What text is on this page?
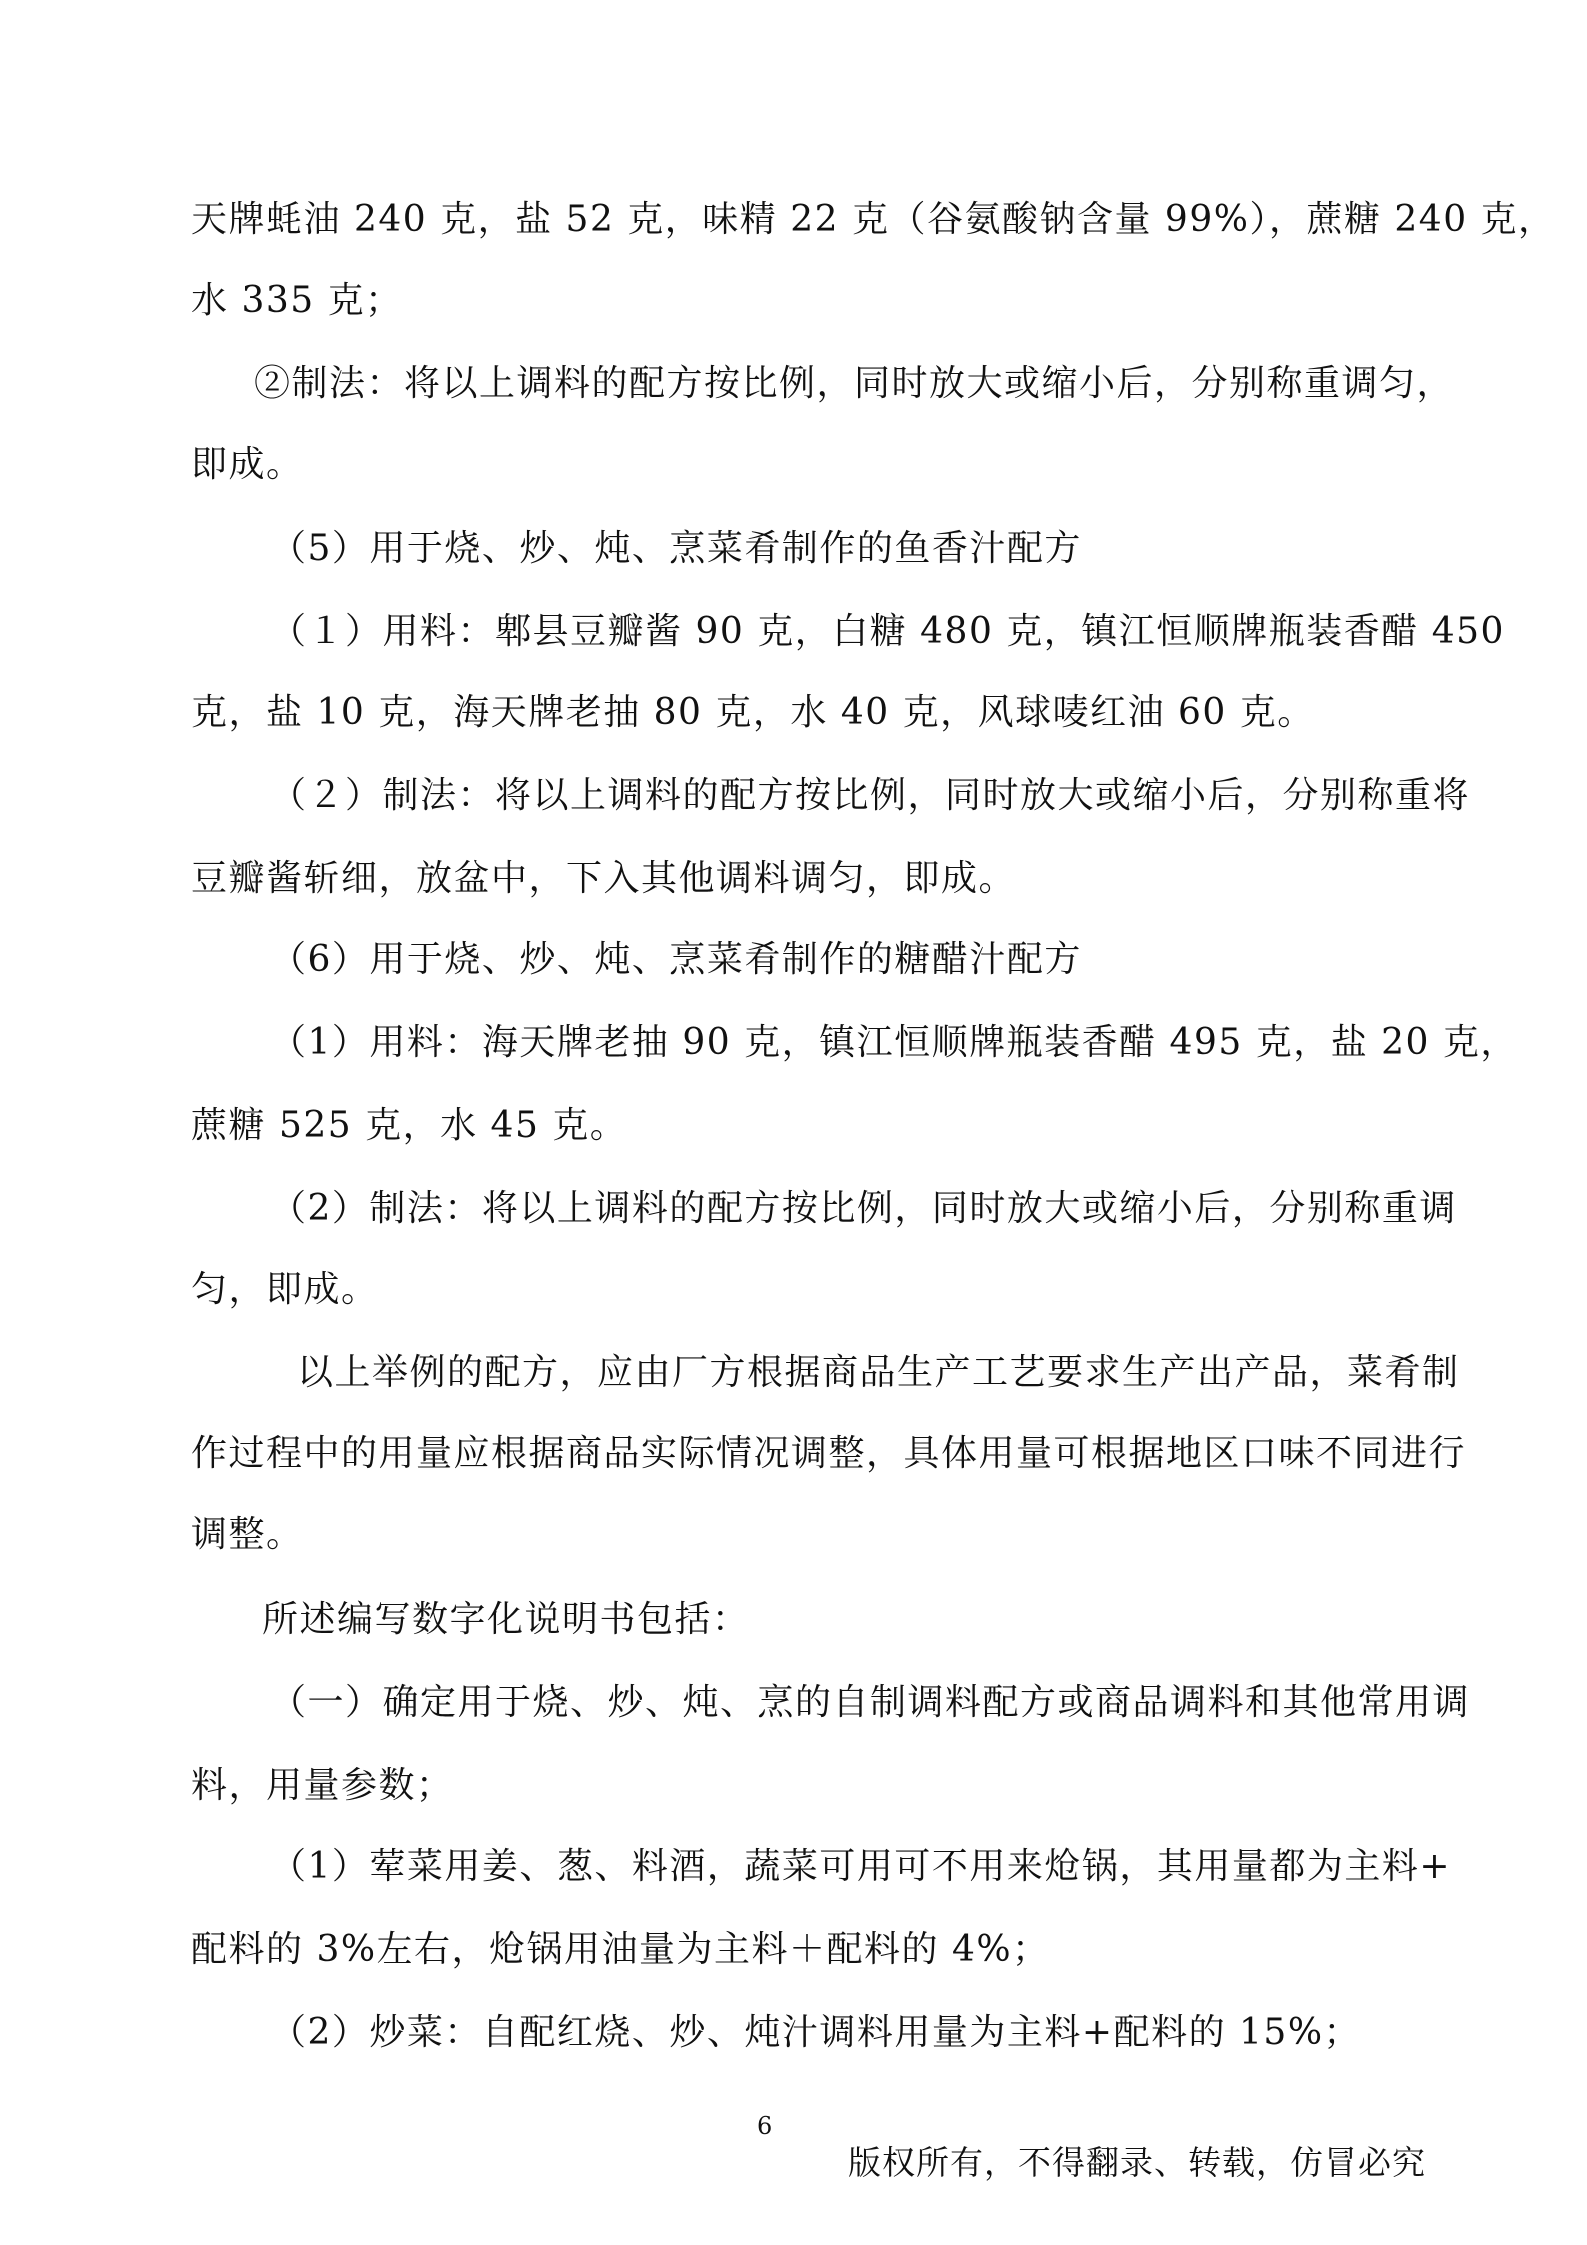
天牌蚝油 240 克，盐 52 克，味精 22 克（谷氨酸钠含量 99%），蔗糖 240 克，
水 335 克；
②制法：将以上调料的配方按比例，同时放大或缩小后，分别称重调匀，
即成。
（5）用于烧、炒、炖、烹菜肴制作的鱼香汁配方
（１）用料：郫县豆瓣酱 90 克，白糖 480 克，镇江恒顺牌瓶装香醋 450
克，盐 10 克，海天牌老抽 80 克，水 40 克，风球唛红油 60 克。
（２）制法：将以上调料的配方按比例，同时放大或缩小后，分别称重将
豆瓣酱斩细，放盆中，下入其他调料调匀，即成。
（6）用于烧、炒、炖、烹菜肴制作的糖醋汁配方
（1）用料：海天牌老抽 90 克，镇江恒顺牌瓶装香醋 495 克，盐 20 克，
蔗糖 525 克，水 45 克。
（2）制法：将以上调料的配方按比例，同时放大或缩小后，分别称重调
匀，即成。
以上举例的配方，应由厂方根据商品生产工艺要求生产出产品，菜肴制
作过程中的用量应根据商品实际情况调整，具体用量可根据地区口味不同进行
调整。
所述编写数字化说明书包括：
（一）确定用于烧、炒、炖、烹的自制调料配方或商品调料和其他常用调
料，用量参数；
（1）荤菜用姜、葱、料酒，蔬菜可用可不用来炝锅，其用量都为主料+
配料的 3%左右，炝锅用油量为主料＋配料的 4%；
（2）炒菜：自配红烧、炒、炖汁调料用量为主料+配料的 15%；
6
版权所有，不得翻录、转载，仿冒必究
